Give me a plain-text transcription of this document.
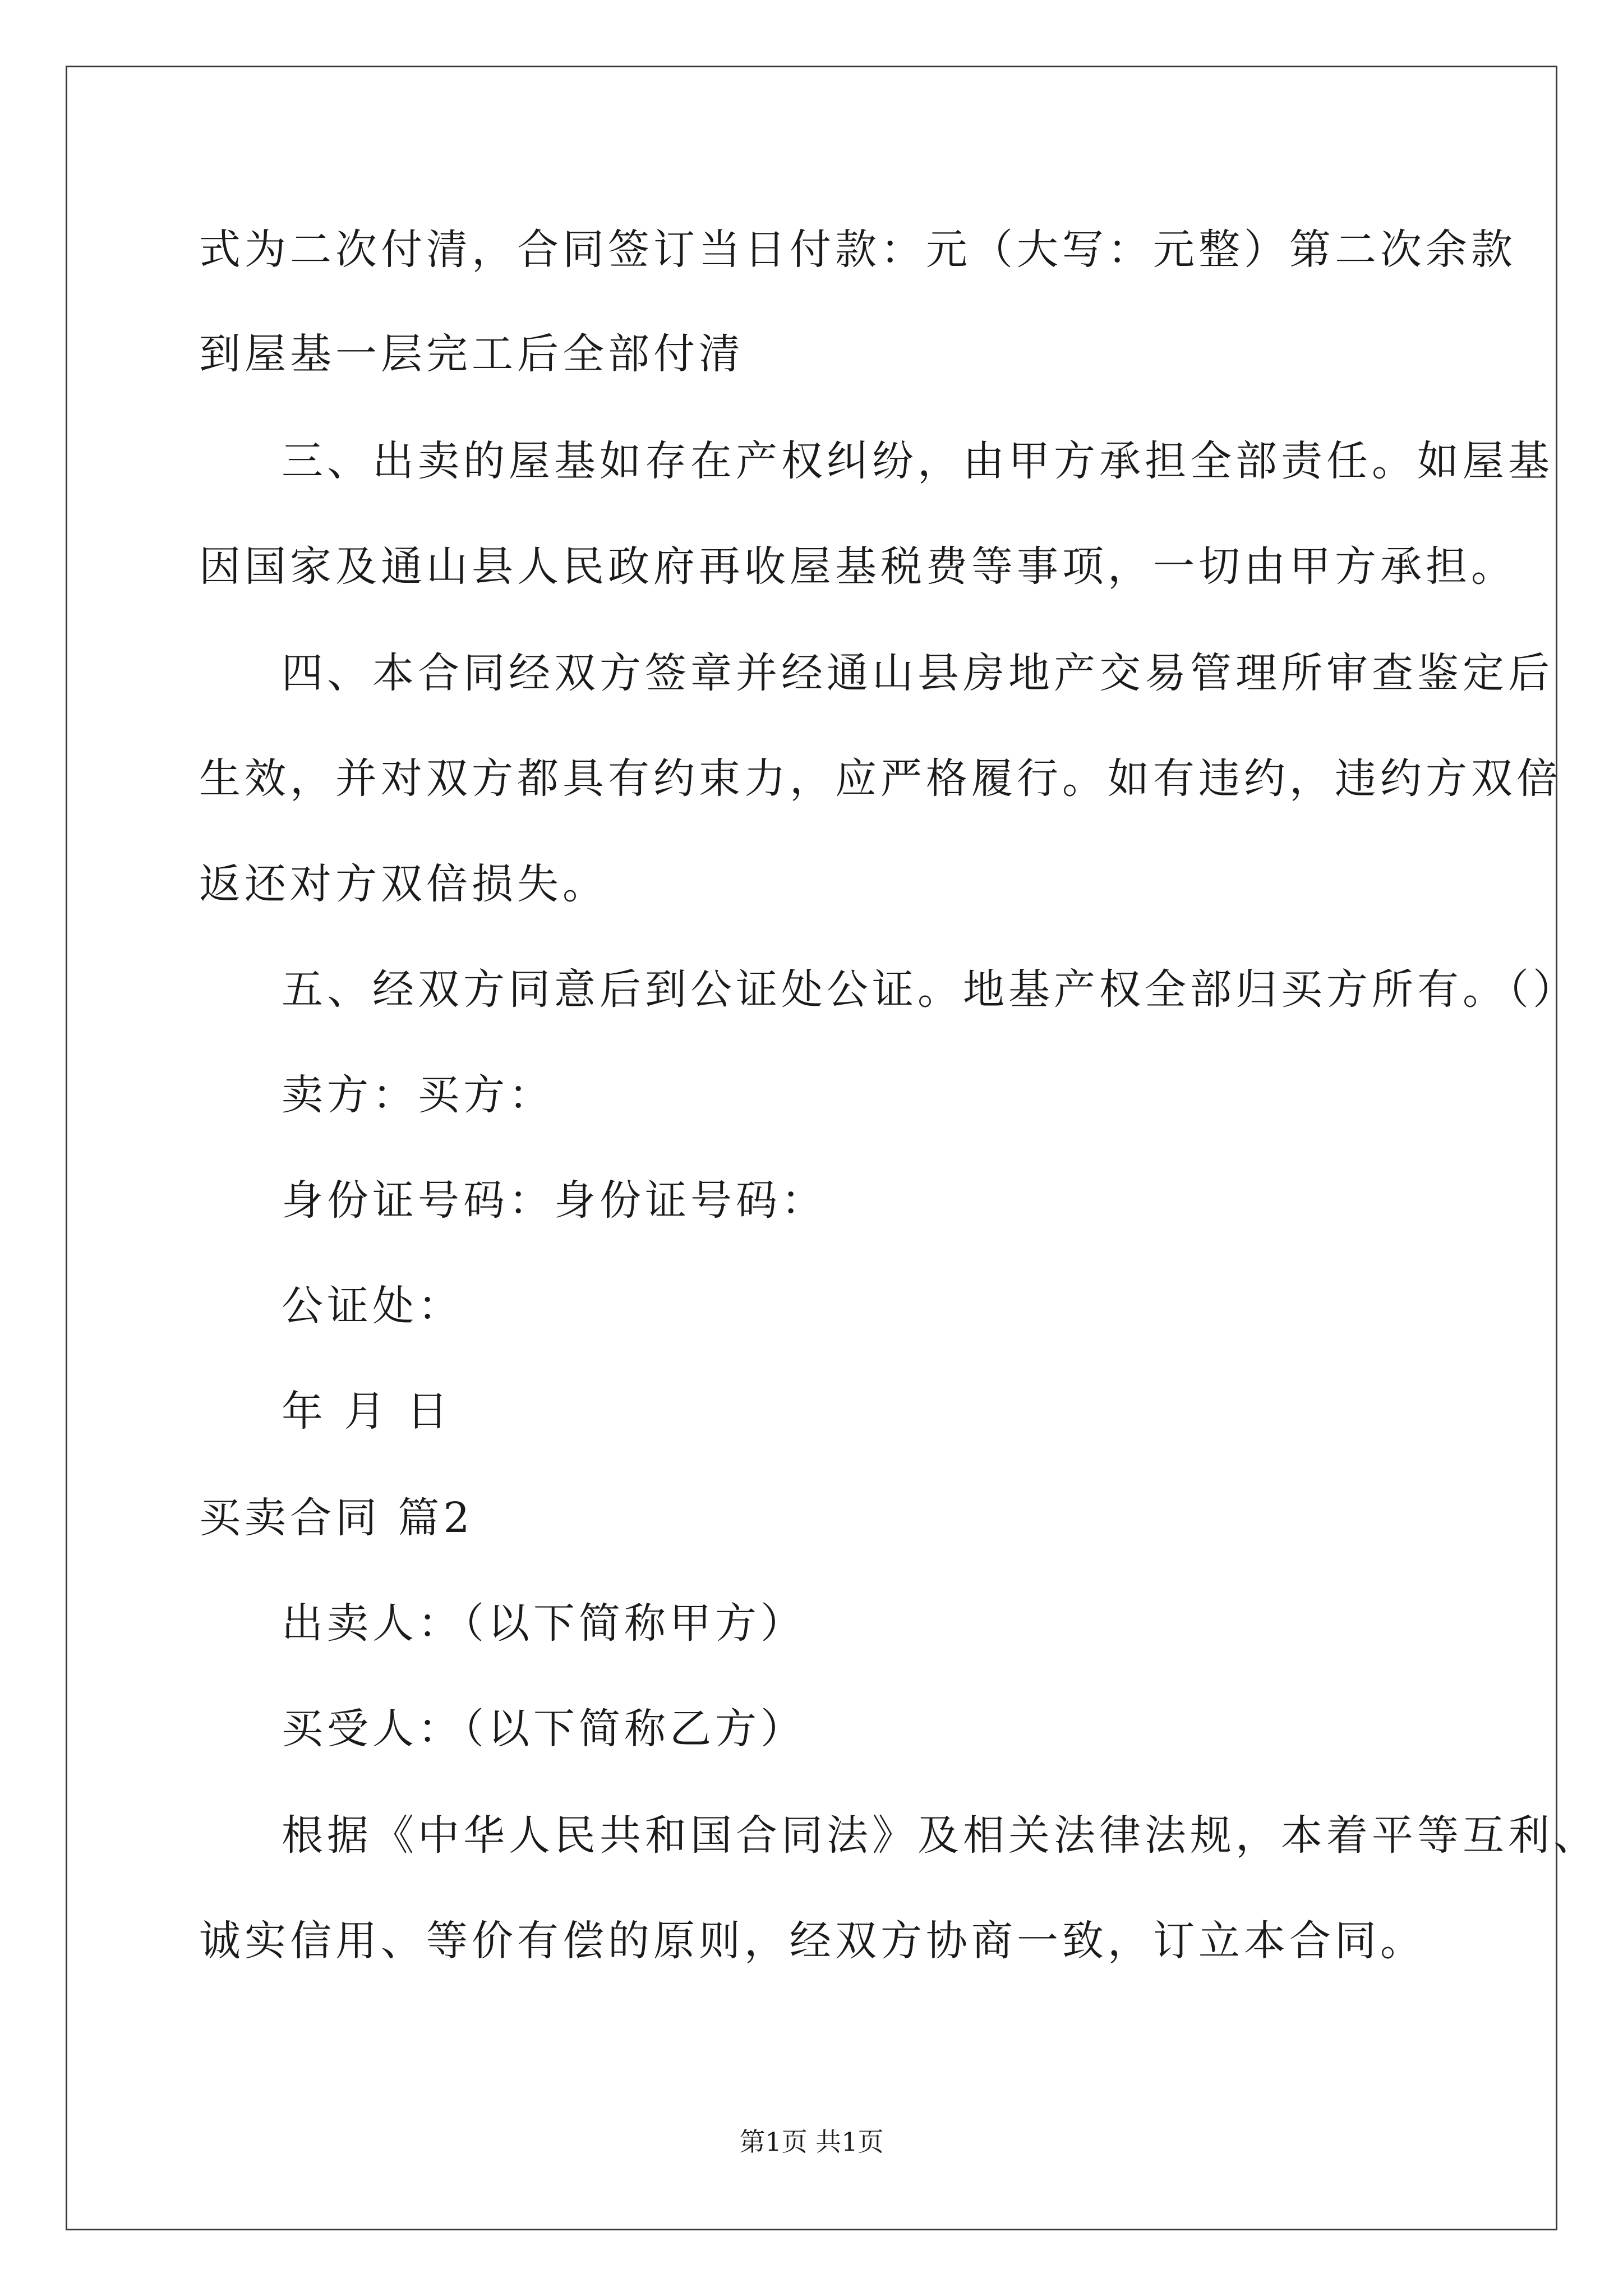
式为二次付清，合同签订当日付款：元（大写：元整）第二次余款
到屋基一层完工后全部付清
三、出卖的屋基如存在产权纠纷，由甲方承担全部责任。如屋基
因国家及通山县人民政府再收屋基税费等事项，一切由甲方承担。
四、本合同经双方签章并经通山县房地产交易管理所审查鉴定后
生效，并对双方都具有约束力，应严格履行。如有违约，违约方双倍
返还对方双倍损失。
五、经双方同意后到公证处公证。地基产权全部归买方所有。（）
卖方：买方：
身份证号码：身份证号码：
公证处：
年 月 日
买卖合同 篇2
出卖人：（以下简称甲方）
买受人：（以下简称乙方）
根据《中华人民共和国合同法》及相关法律法规，本着平等互利、
诚实信用、等价有偿的原则，经双方协商一致，订立本合同。
第1页 共1页
